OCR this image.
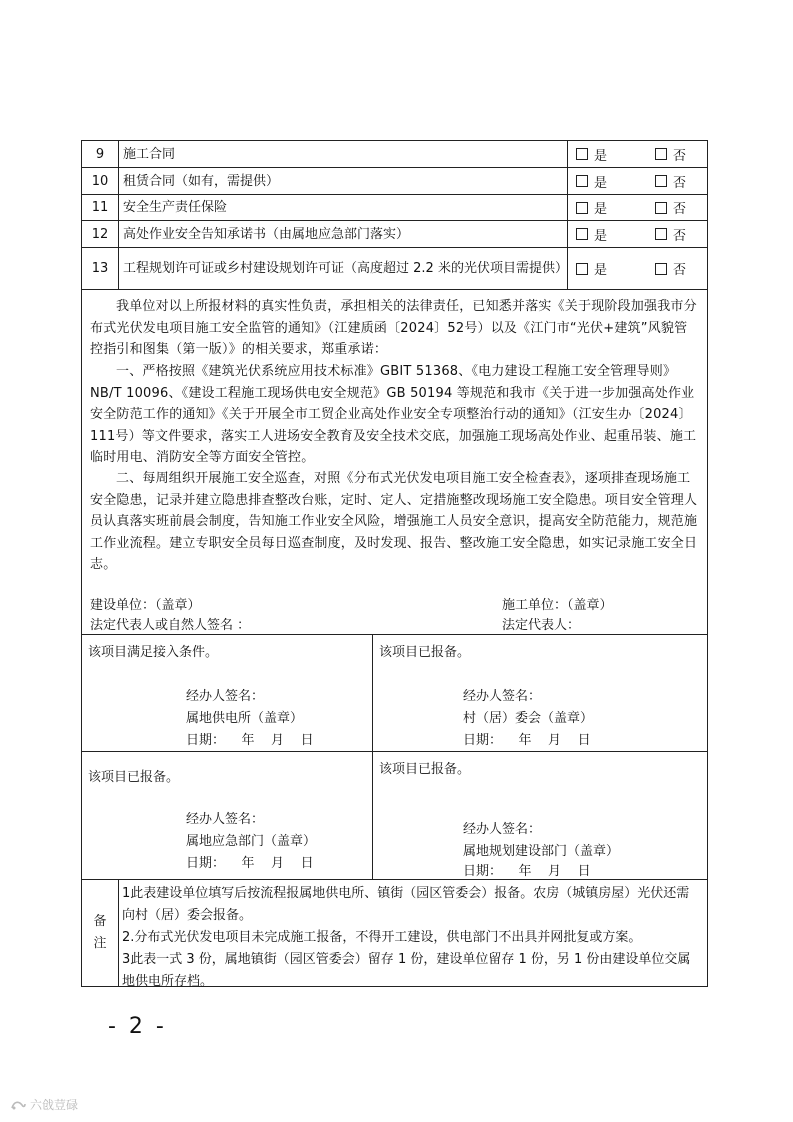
9	施工合同	是	否
10	租赁合同（如有，需提供）	是	否
11	安全生产责任保险	是	否
12	高处作业安全告知承诺书（由属地应急部门落实）	是	否
13	工程规划许可证或乡村建设规划许可证（高度超过 2.2 米的光伏项目需提供） 是	否
我单位对以上所报材料的真实性负责，承担相关的法律责任，已知悉并落实《关于现阶段加强我市分布式光伏发电项目施工安全监管的通知》（江建质函〔2024〕52号）以及《江门市“光伏+建筑”风貌管控指引和图集（第一版）》的相关要求，郑重承诺：
一、严格按照《建筑光伏系统应用技术标准》GBIT 51368、《电力建设工程施工安全管理导则》NB/T 10096、《建设工程施工现场供电安全规范》GB 50194 等规范和我市《关于进一步加强高处作业安全防范工作的通知》《关于开展全市工贸企业高处作业安全专项整治行动的通知》（江安生办〔2024〕111号）等文件要求，落实工人进场安全教育及安全技术交底，加强施工现场高处作业、起重吊装、施工临时用电、消防安全等方面安全管控。
二、每周组织开展施工安全巡查，对照《分布式光伏发电项目施工安全检查表》，逐项排查现场施工安全隐患，记录并建立隐患排查整改台账，定时、定人、定措施整改现场施工安全隐患。项目安全管理人员认真落实班前晨会制度，告知施工作业安全风险，增强施工人员安全意识，提高安全防范能力，规范施工作业流程。建立专职安全员每日巡查制度，及时发现、报告、整改施工安全隐患，如实记录施工安全日志。
建设单位：（盖章）
法定代表人或自然人签名 ：
施工单位：（盖章）
法定代表人：
该项目满足接入条件。
经办人签名：
属地供电所（盖章）
日期：    年    月    日
该项目已报备。
经办人签名：
村（居）委会（盖章）
日期：    年    月    日
该项目已报备。
经办人签名：
属地应急部门（盖章）
日期：    年    月    日
该项目已报备。
经办人签名：
属地规划建设部门（盖章）
日期：    年    月    日
备
注
1此表建设单位填写后按流程报属地供电所、镇街（园区管委会）报备。农房（城镇房屋）光伏还需向村（居）委会报备。
2.分布式光伏发电项目未完成施工报备，不得开工建设，供电部门不出具并网批复或方案。
3此表一式 3 份，属地镇街（园区管委会）留存 1 份，建设单位留存 1 份，另 1 份由建设单位交属地供电所存档。
- 2 -
六戗荳碌
